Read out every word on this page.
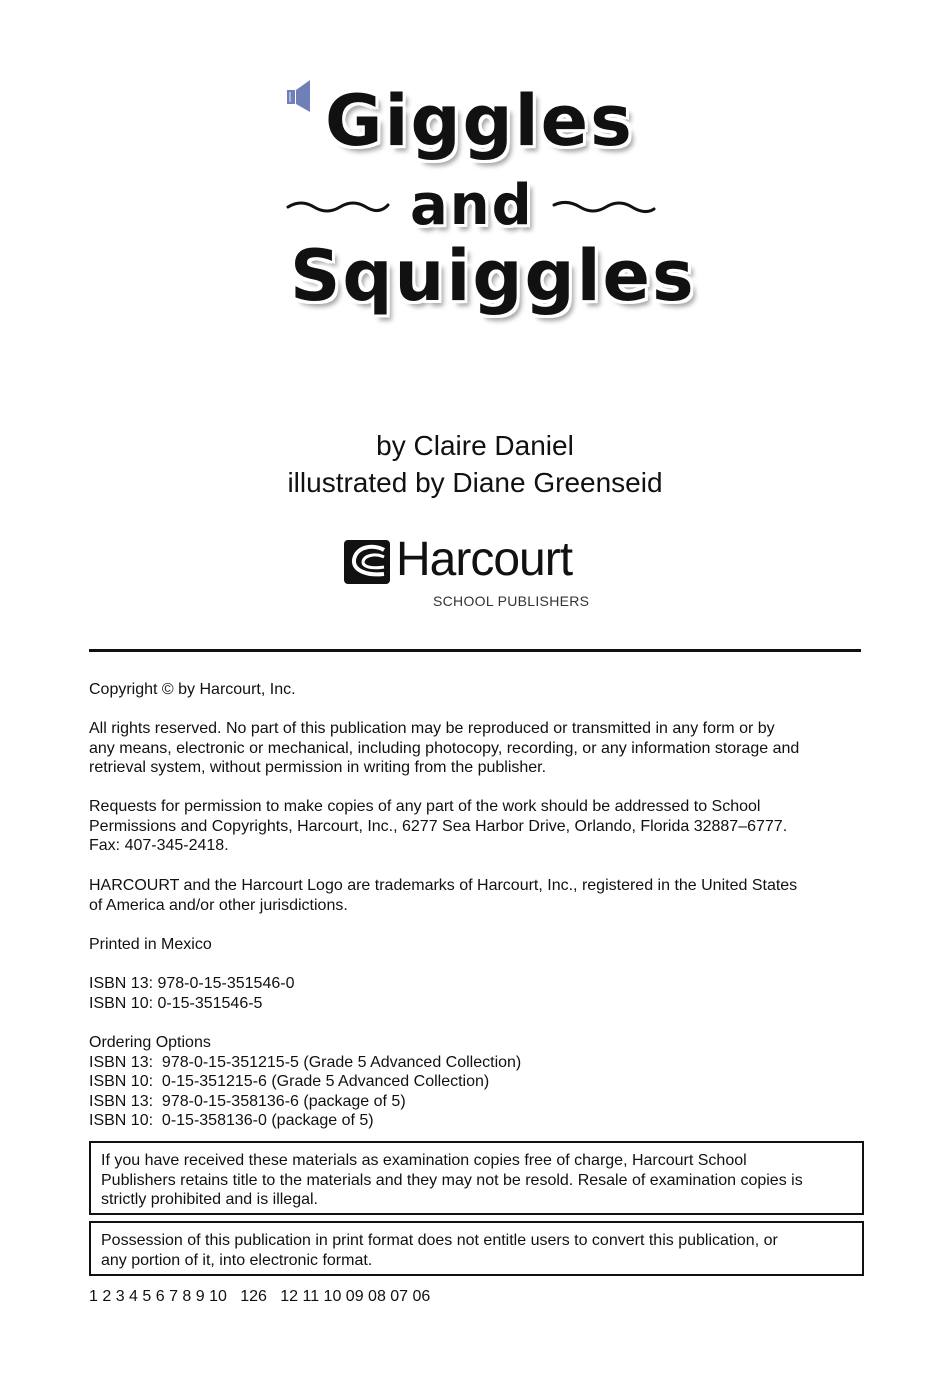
Giggles
and
Squiggles
by Claire Daniel
illustrated by Diane Greenseid
Harcourt
SCHOOL PUBLISHERS

Copyright © by Harcourt, Inc.

All rights reserved. No part of this publication may be reproduced or transmitted in any form or by
any means, electronic or mechanical, including photocopy, recording, or any information storage and
retrieval system, without permission in writing from the publisher.

Requests for permission to make copies of any part of the work should be addressed to School
Permissions and Copyrights, Harcourt, Inc., 6277 Sea Harbor Drive, Orlando, Florida 32887–6777.
Fax: 407-345-2418.

HARCOURT and the Harcourt Logo are trademarks of Harcourt, Inc., registered in the United States
of America and/or other jurisdictions.

Printed in Mexico

ISBN 13: 978-0-15-351546-0
ISBN 10: 0-15-351546-5

Ordering Options
ISBN 13:  978-0-15-351215-5 (Grade 5 Advanced Collection)
ISBN 10:  0-15-351215-6 (Grade 5 Advanced Collection)
ISBN 13:  978-0-15-358136-6 (package of 5)
ISBN 10:  0-15-358136-0 (package of 5)

If you have received these materials as examination copies free of charge, Harcourt School
Publishers retains title to the materials and they may not be resold. Resale of examination copies is
strictly prohibited and is illegal.
Possession of this publication in print format does not entitle users to convert this publication, or
any portion of it, into electronic format.
1 2 3 4 5 6 7 8 9 10   126   12 11 10 09 08 07 06
